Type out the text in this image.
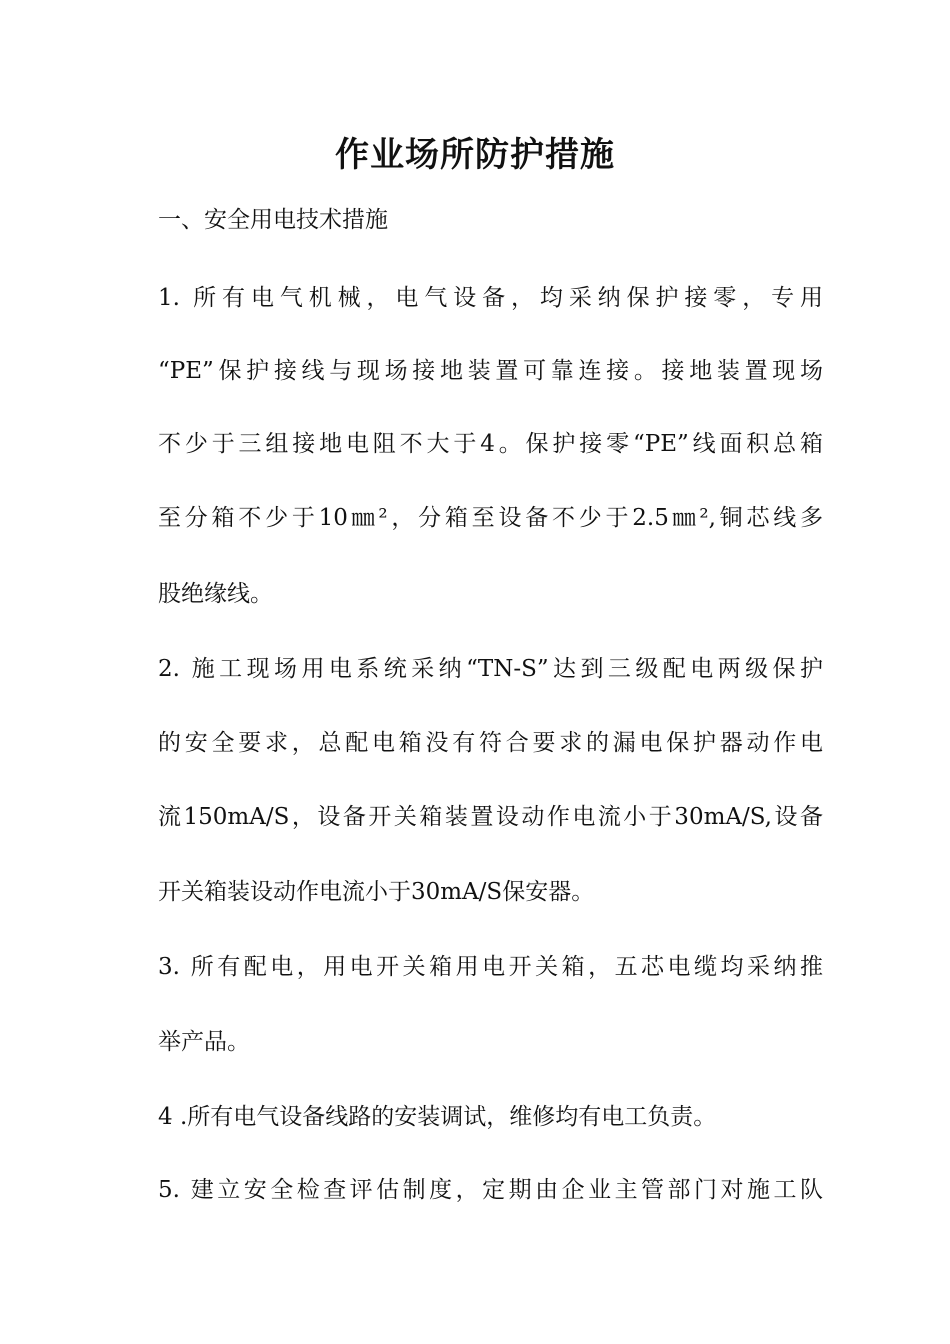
作业场所防护措施
一、安全用电技术措施
1. 所有电气机械，电气设备，均采纳保护接零，专用
“PE”保护接线与现场接地装置可靠连接。接地装置现场
不少于三组接地电阻不大于4。保护接零“PE”线面积总箱
至分箱不少于10㎜²，分箱至设备不少于2.5㎜²,铜芯线多
股绝缘线。
2. 施工现场用电系统采纳“TN-S”达到三级配电两级保护
的安全要求，总配电箱没有符合要求的漏电保护器动作电
流150mA/S，设备开关箱装置设动作电流小于30mA/S,设备
开关箱装设动作电流小于30mA/S保安器。
3. 所有配电，用电开关箱用电开关箱，五芯电缆均采纳推
举产品。
4 .所有电气设备线路的安装调试，维修均有电工负责。
5. 建立安全检查评估制度，定期由企业主管部门对施工队
